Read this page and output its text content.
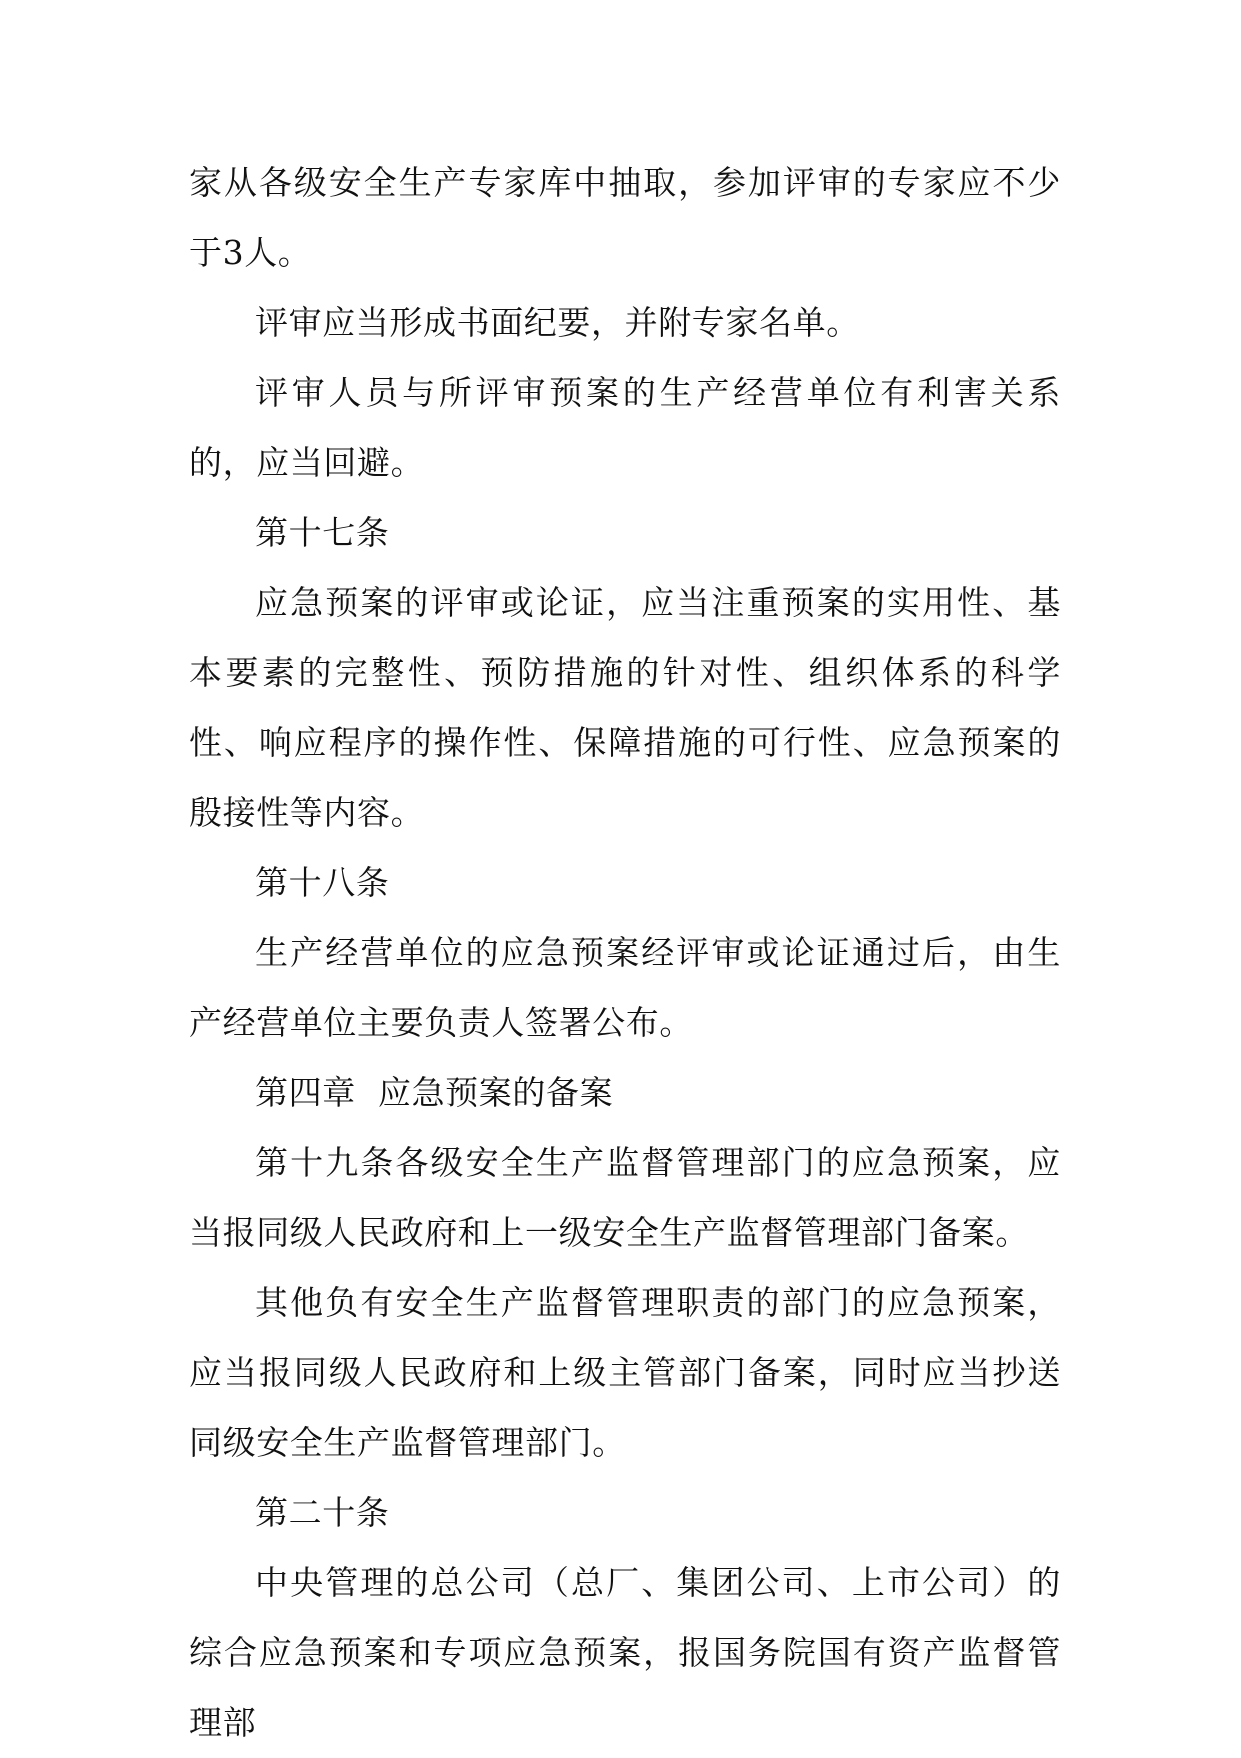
家从各级安全生产专家库中抽取，参加评审的专家应不少于3人。

评审应当形成书面纪要，并附专家名单。

评审人员与所评审预案的生产经营单位有利害关系的，应当回避。

第十七条

应急预案的评审或论证，应当注重预案的实用性、基本要素的完整性、预防措施的针对性、组织体系的科学性、响应程序的操作性、保障措施的可行性、应急预案的殷接性等内容。

第十八条

生产经营单位的应急预案经评审或论证通过后，由生产经营单位主要负责人签署公布。

第四章  应急预案的备案

第十九条各级安全生产监督管理部门的应急预案，应当报同级人民政府和上一级安全生产监督管理部门备案。

其他负有安全生产监督管理职责的部门的应急预案，应当报同级人民政府和上级主管部门备案，同时应当抄送同级安全生产监督管理部门。

第二十条

中央管理的总公司（总厂、集团公司、上市公司）的综合应急预案和专项应急预案，报国务院国有资产监督管理部
